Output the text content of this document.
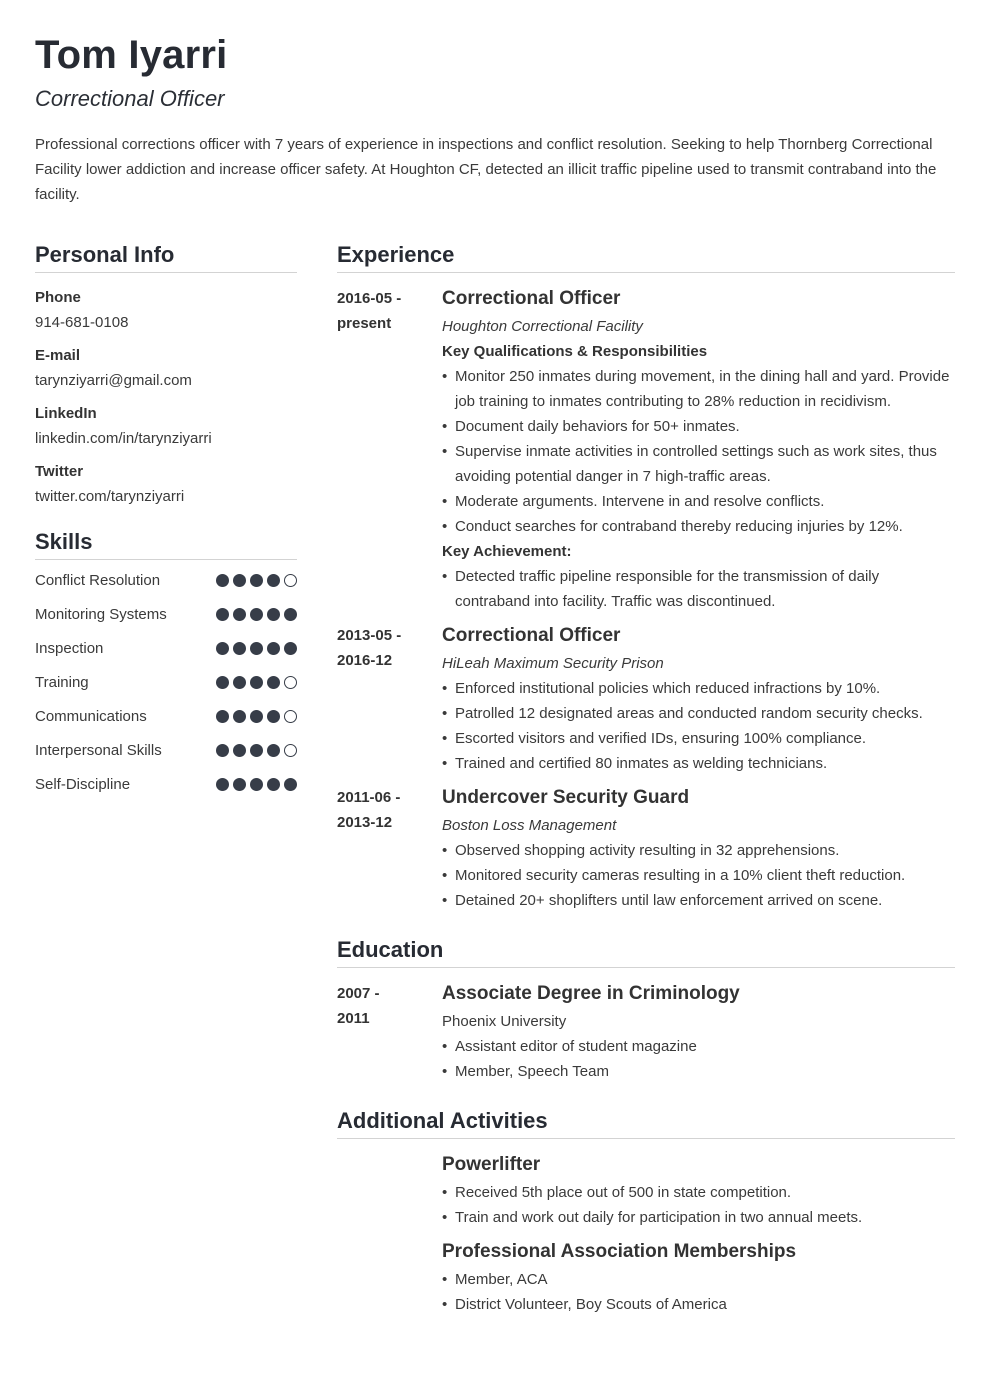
Tom Iyarri
Correctional Officer

Professional corrections officer with 7 years of experience in inspections and conflict resolution. Seeking to help Thornberg Correctional Facility lower addiction and increase officer safety. At Houghton CF, detected an illicit traffic pipeline used to transmit contraband into the facility.

Personal Info
Phone
914-681-0108
E-mail
tarynziyarri@gmail.com
LinkedIn
linkedin.com/in/tarynziyarri
Twitter
twitter.com/tarynziyarri
Skills
Conflict Resolution
Monitoring Systems
Inspection
Training
Communications
Interpersonal Skills
Self-Discipline
Experience
2016-05 -
present
Correctional Officer
Houghton Correctional Facility
Key Qualifications & Responsibilities
• Monitor 250 inmates during movement, in the dining hall and yard. Provide job training to inmates contributing to 28% reduction in recidivism.
• Document daily behaviors for 50+ inmates.
• Supervise inmate activities in controlled settings such as work sites, thus avoiding potential danger in 7 high-traffic areas.
• Moderate arguments. Intervene in and resolve conflicts.
• Conduct searches for contraband thereby reducing injuries by 12%.
Key Achievement:
• Detected traffic pipeline responsible for the transmission of daily contraband into facility. Traffic was discontinued.
2013-05 -
2016-12
Correctional Officer
HiLeah Maximum Security Prison
• Enforced institutional policies which reduced infractions by 10%.
• Patrolled 12 designated areas and conducted random security checks.
• Escorted visitors and verified IDs, ensuring 100% compliance.
• Trained and certified 80 inmates as welding technicians.
2011-06 -
2013-12
Undercover Security Guard
Boston Loss Management
• Observed shopping activity resulting in 32 apprehensions.
• Monitored security cameras resulting in a 10% client theft reduction.
• Detained 20+ shoplifters until law enforcement arrived on scene.
Education
2007 -
2011
Associate Degree in Criminology
Phoenix University
• Assistant editor of student magazine
• Member, Speech Team
Additional Activities
Powerlifter
• Received 5th place out of 500 in state competition.
• Train and work out daily for participation in two annual meets.
Professional Association Memberships
• Member, ACA
• District Volunteer, Boy Scouts of America
